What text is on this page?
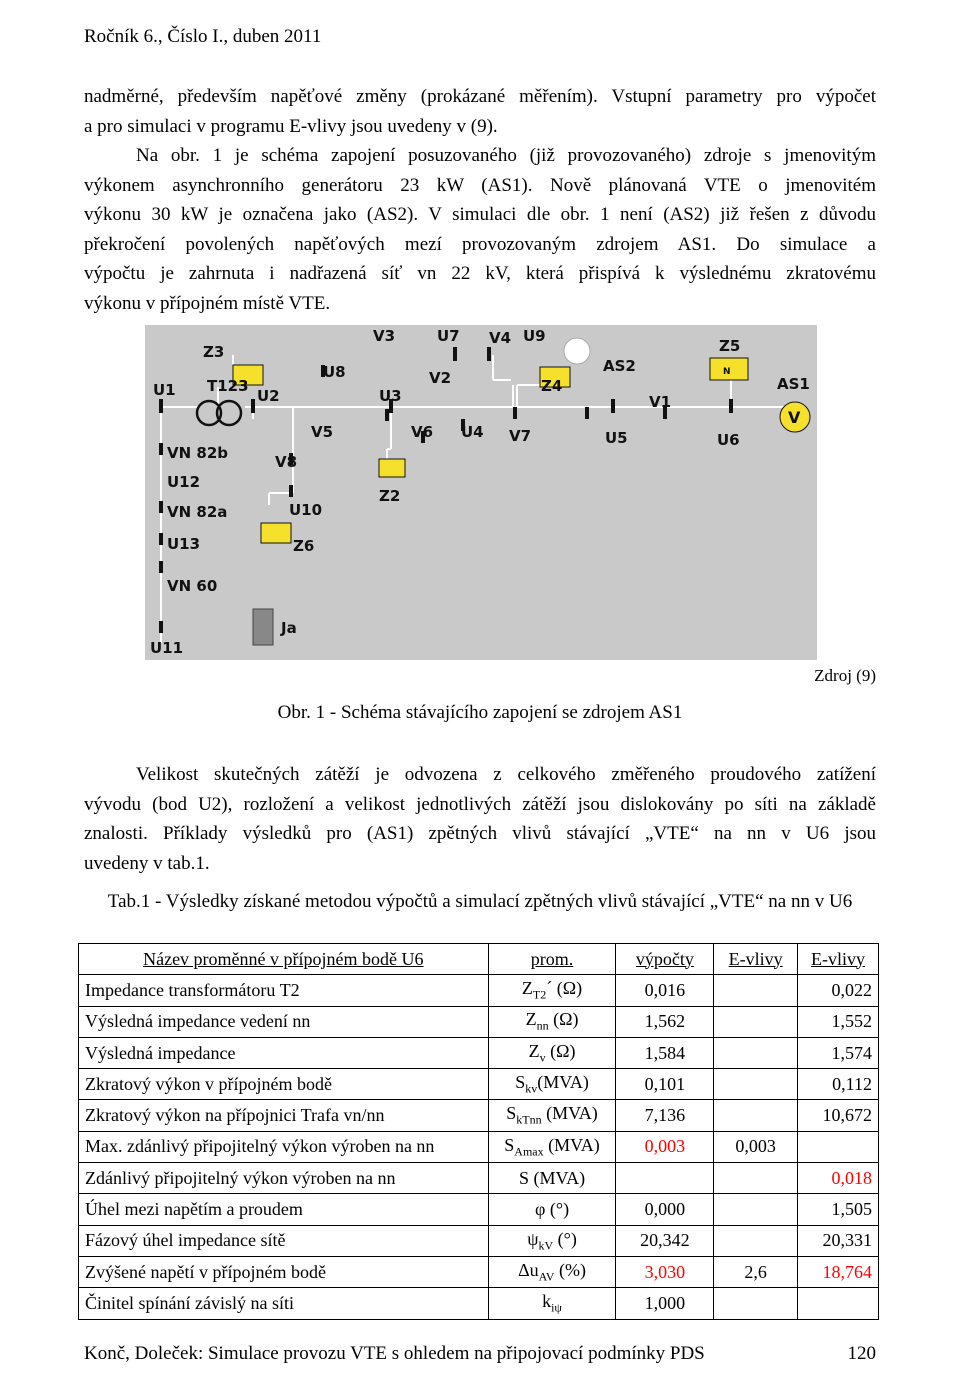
Ročník 6., Číslo I., duben 2011
nadměrné, především napěťové změny (prokázané měřením). Vstupní parametry pro výpočet
a pro simulaci v programu E-vlivy jsou uvedeny v (9).
Na obr. 1 je schéma zapojení posuzovaného (již provozovaného) zdroje s jmenovitým
výkonem asynchronního generátoru 23 kW (AS1). Nově plánovaná VTE o jmenovitém
výkonu 30 kW je označena jako (AS2). V simulaci dle obr. 1 není (AS2) již řešen z důvodu
překročení povolených napěťových mezí provozovaným zdrojem AS1. Do simulace a
výpočtu je zahrnuta i nadřazená síť vn 22 kV, která přispívá k výslednému zkratovému
výkonu v přípojném místě VTE.
Z3
U1 T123
U2
VN 82b
U12
VN 82a
U13
VN 60
U11
Ja
U8
V5
V8
U10
Z6
V3
U3
V6
Z2
U7
V2
V4 U9
U4
Z4
V7
AS2
U5
V1
Z5
N
U6
AS1
V
Zdroj (9)
Obr. 1 - Schéma stávajícího zapojení se zdrojem AS1
Velikost skutečných zátěží je odvozena z celkového změřeného proudového zatížení
vývodu (bod U2), rozložení a velikost jednotlivých zátěží jsou dislokovány po síti na základě
znalosti. Příklady výsledků pro (AS1) zpětných vlivů stávající „VTE“ na nn v U6 jsou
uvedeny v tab.1.
Tab.1 - Výsledky získané metodou výpočtů a simulací zpětných vlivů stávající „VTE“ na nn v U6
Název proměnné v přípojném bodě U6	prom.	výpočty	E-vlivy	E-vlivy
Impedance transformátoru T2	$Z_{T2}´$ (Ω)	0,016		0,022
Výsledná impedance vedení nn	$Z_{nn}$ (Ω)	1,562		1,552
Výsledná impedance	$Z_v$ (Ω)	1,584		1,574
Zkratový výkon v přípojném bodě	$S_{kv}(MVA)$	0,101		0,112
Zkratový výkon na přípojnici Trafa vn/nn	$S_{kTnn}$ (MVA)	7,136		10,672
Max. zdánlivý připojitelný výkon výroben na nn	$S_{Amax}$ (MVA)	0,003	0,003	
Zdánlivý připojitelný výkon výroben na nn	S (MVA)			0,018
Úhel mezi napětím a proudem	φ (°)	0,000		1,505
Fázový úhel impedance sítě	$\psi_{kV}$ (°)	20,342		20,331
Zvýšené napětí v přípojném bodě	$\Delta u_{AV}$ (%)	3,030	2,6	18,764
Činitel spínání závislý na síti	$k_{i\psi}$	1,000		
Konč, Doleček: Simulace provozu VTE s ohledem na připojovací podmínky PDS	120
